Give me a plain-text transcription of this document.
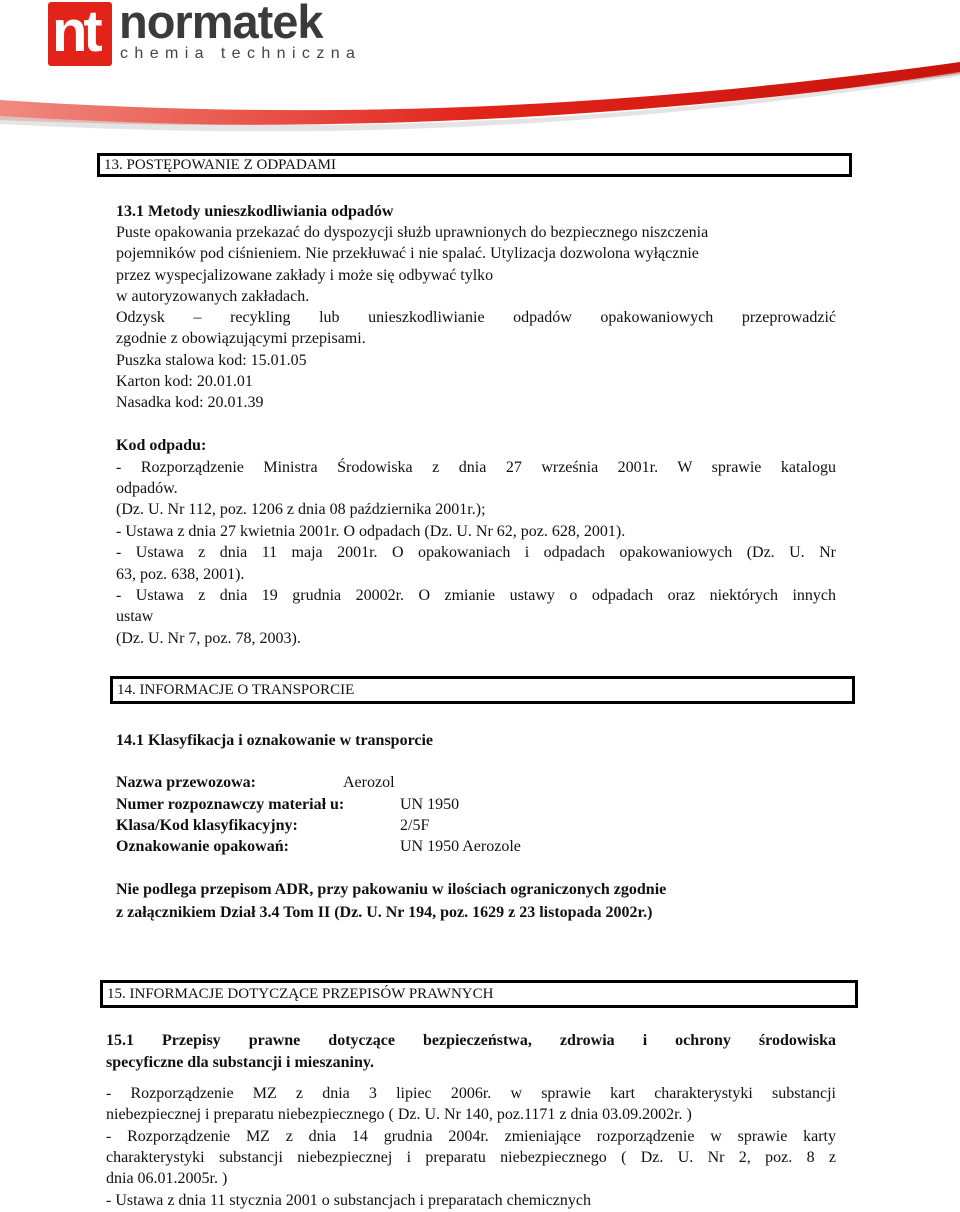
nt normatek
chemia techniczna
13. POSTĘPOWANIE Z ODPADAMI
13.1 Metody unieszkodliwiania odpadów
Puste opakowania przekazać do dyspozycji służb uprawnionych do bezpiecznego niszczenia
pojemników pod ciśnieniem. Nie przekłuwać i nie spalać. Utylizacja dozwolona wyłącznie
przez wyspecjalizowane zakłady i może się odbywać tylko
w autoryzowanych zakładach.
Odzysk – recykling lub unieszkodliwianie odpadów opakowaniowych przeprowadzić
zgodnie z obowiązującymi przepisami.
Puszka stalowa kod: 15.01.05
Karton kod: 20.01.01
Nasadka kod: 20.01.39
Kod odpadu:
- Rozporządzenie Ministra Środowiska z dnia 27 września 2001r. W sprawie katalogu
odpadów.
(Dz. U. Nr 112, poz. 1206 z dnia 08 października 2001r.);
- Ustawa z dnia 27 kwietnia 2001r. O odpadach (Dz. U. Nr 62, poz. 628, 2001).
- Ustawa z dnia 11 maja 2001r. O opakowaniach i odpadach opakowaniowych (Dz. U. Nr
63, poz. 638, 2001).
- Ustawa z dnia 19 grudnia 20002r. O zmianie ustawy o odpadach oraz niektórych innych
ustaw
(Dz. U. Nr 7, poz. 78, 2003).
14. INFORMACJE O TRANSPORCIE
14.1 Klasyfikacja i oznakowanie w transporcie
Nazwa przewozowa:	Aerozol
Numer rozpoznawczy materiał u:	UN 1950
Klasa/Kod klasyfikacyjny:	2/5F
Oznakowanie opakowań:	UN 1950 Aerozole
Nie podlega przepisom ADR, przy pakowaniu w ilościach ograniczonych zgodnie
z załącznikiem Dział 3.4 Tom II (Dz. U. Nr 194, poz. 1629 z 23 listopada 2002r.)
15. INFORMACJE DOTYCZĄCE PRZEPISÓW PRAWNYCH
15.1 Przepisy prawne dotyczące bezpieczeństwa, zdrowia i ochrony środowiska
specyficzne dla substancji i mieszaniny.
- Rozporządzenie MZ z dnia 3 lipiec 2006r. w sprawie kart charakterystyki substancji
niebezpiecznej i preparatu niebezpiecznego ( Dz. U. Nr 140, poz.1171 z dnia 03.09.2002r. )
- Rozporządzenie MZ z dnia 14 grudnia 2004r. zmieniające rozporządzenie w sprawie karty
charakterystyki substancji niebezpiecznej i preparatu niebezpiecznego ( Dz. U. Nr 2, poz. 8 z
dnia 06.01.2005r. )
- Ustawa z dnia 11 stycznia 2001 o substancjach i preparatach chemicznych
